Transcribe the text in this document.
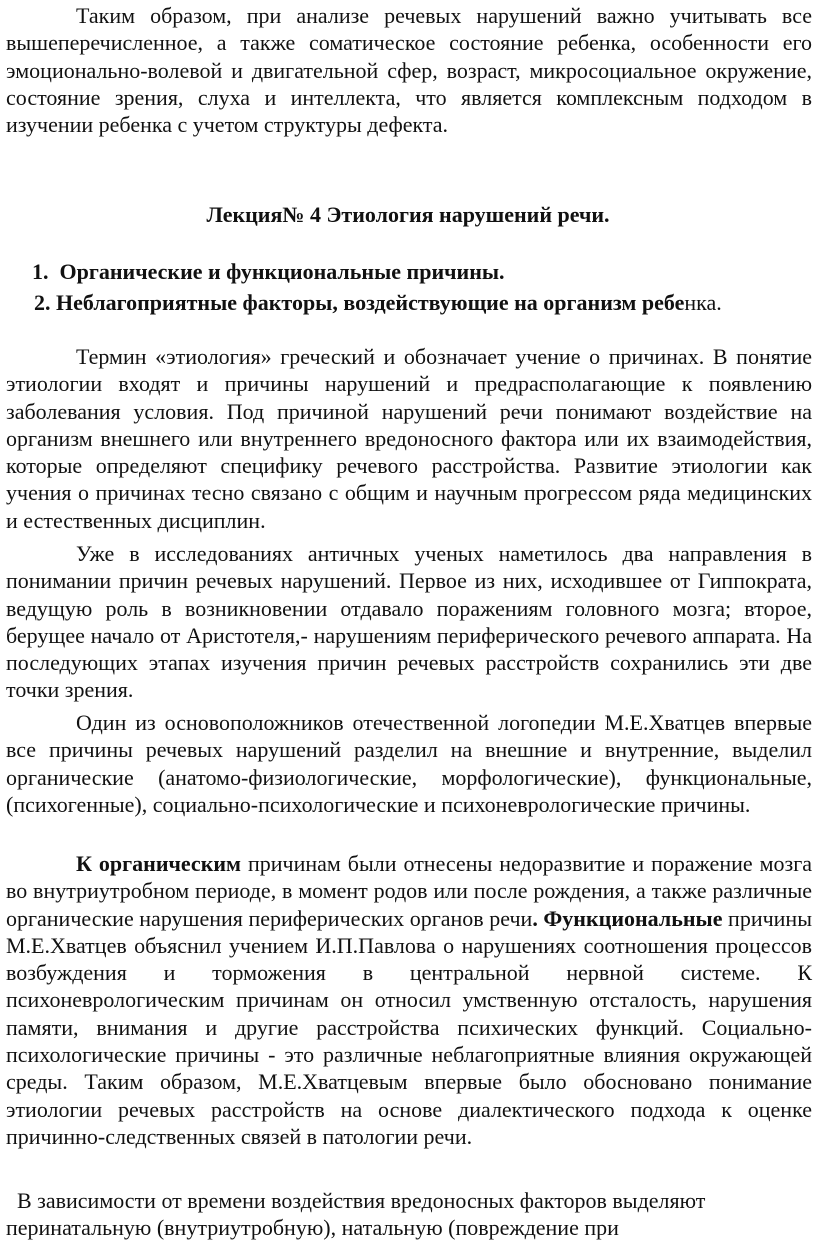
Таким образом, при анализе речевых нарушений важно учитывать все вышеперечисленное, а также соматическое состояние ребенка, особенности его эмоционально-волевой и двигательной сфер, возраст, микросоциальное окружение, состояние зрения, слуха и интеллекта, что является комплексным подходом в изучении ребенка с учетом структуры дефекта.

Лекция№ 4 Этиология нарушений речи.

1. Органические и функциональные причины.

2. Неблагоприятные факторы, воздействующие на организм ребенка.

Термин «этиология» греческий и обозначает учение о причинах. В понятие этиологии входят и причины нарушений и предрасполагающие к появлению заболевания условия. Под причиной нарушений речи понимают воздействие на организм внешнего или внутреннего вредоносного фактора или их взаимодействия, которые определяют специфику речевого расстройства. Развитие этиологии как учения о причинах тесно связано с общим и научным прогрессом ряда медицинских и естественных дисциплин.

Уже в исследованиях античных ученых наметилось два направления в понимании причин речевых нарушений. Первое из них, исходившее от Гиппократа, ведущую роль в возникновении отдавало поражениям головного мозга; второе, берущее начало от Аристотеля,- нарушениям периферического речевого аппарата. На последующих этапах изучения причин речевых расстройств сохранились эти две точки зрения.

Один из основоположников отечественной логопедии М.Е.Хватцев впервые все причины речевых нарушений разделил на внешние и внутренние, выделил органические (анатомо-физиологические, морфологические), функциональные, (психогенные), социально-психологические и психоневрологические причины.

К органическим причинам были отнесены недоразвитие и поражение мозга во внутриутробном периоде, в момент родов или после рождения, а также различные органические нарушения периферических органов речи. Функциональные причины М.Е.Хватцев объяснил учением И.П.Павлова о нарушениях соотношения процессов возбуждения и торможения в центральной нервной системе. К психоневрологическим причинам он относил умственную отсталость, нарушения памяти, внимания и другие расстройства психических функций. Социально-психологические причины - это различные неблагоприятные влияния окружающей среды. Таким образом, М.Е.Хватцевым впервые было обосновано понимание этиологии речевых расстройств на основе диалектического подхода к оценке причинно-следственных связей в патологии речи.

В зависимости от времени воздействия вредоносных факторов выделяют

перинатальную (внутриутробную), натальную (повреждение при
